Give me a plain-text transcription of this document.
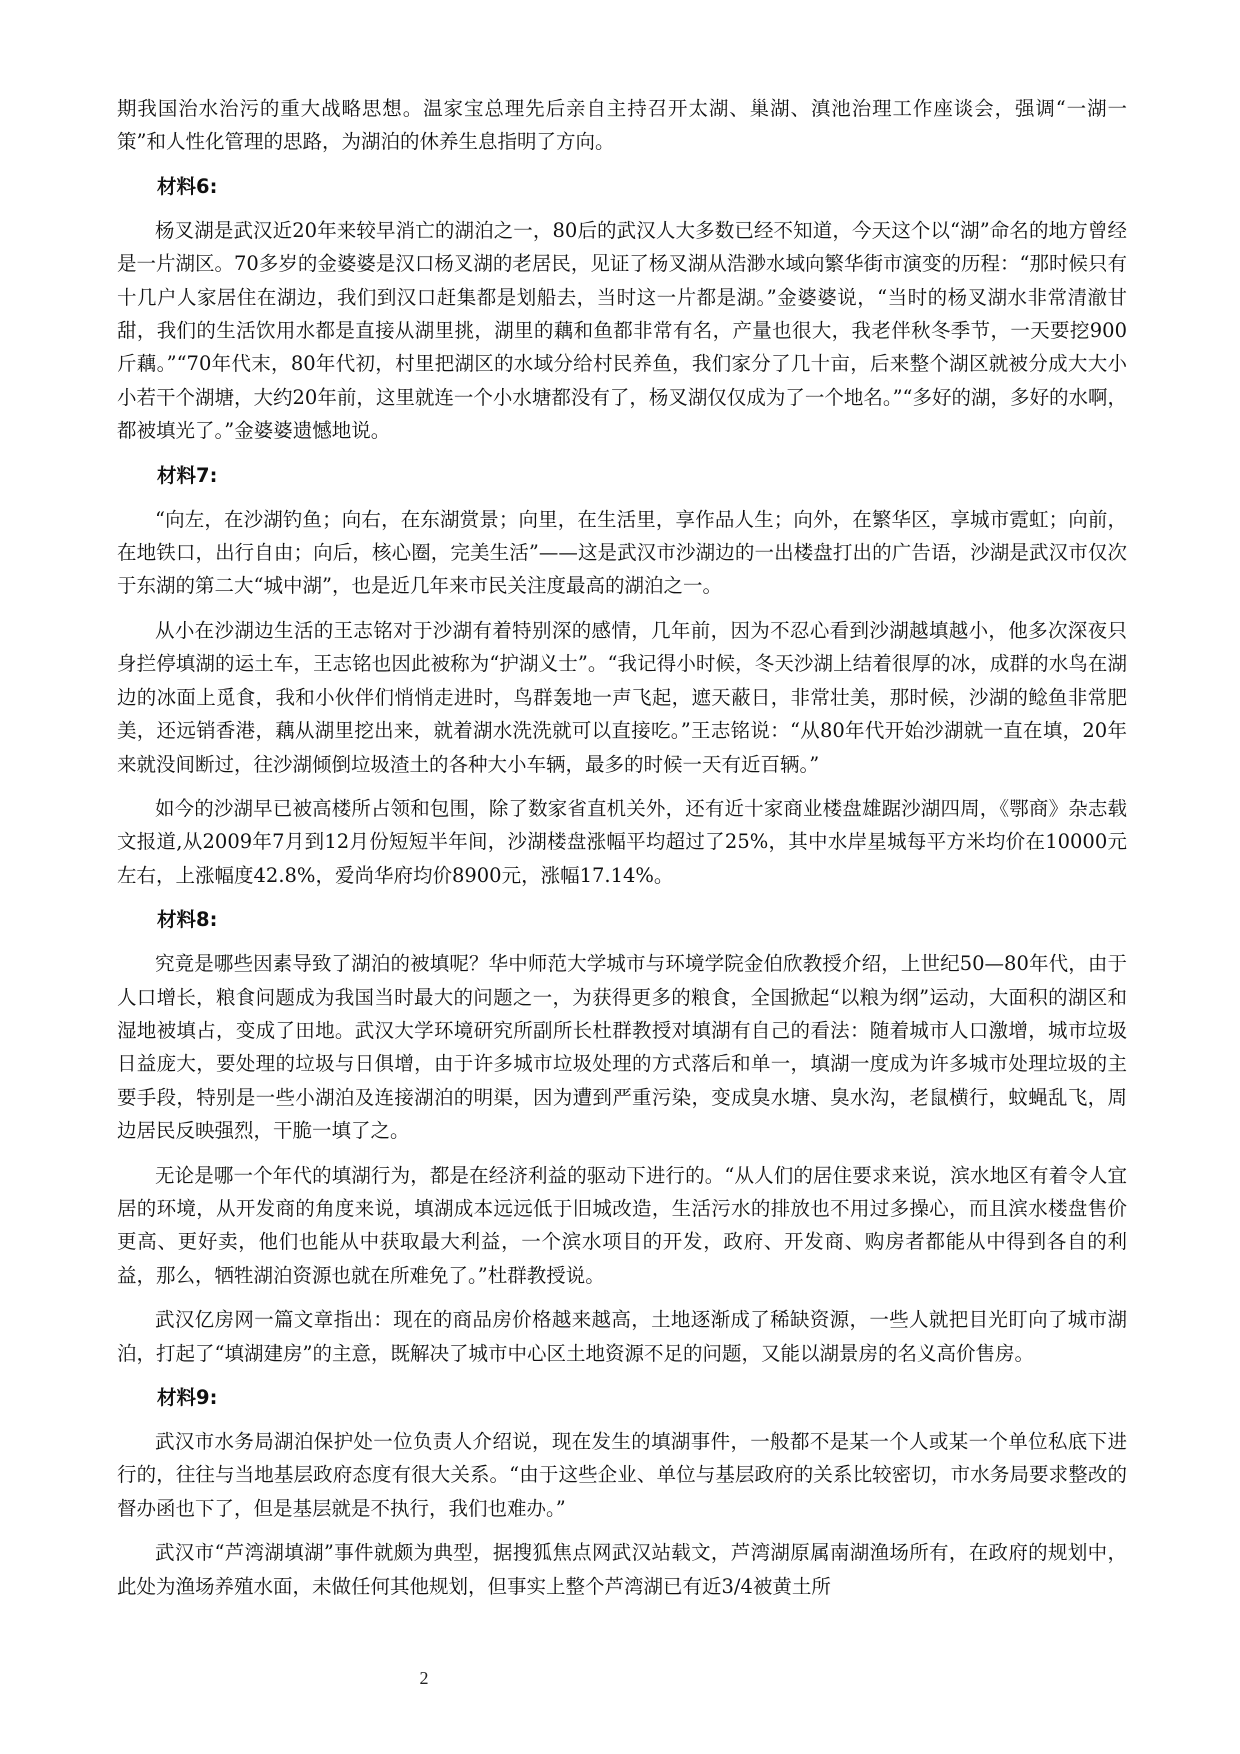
期我国治水治污的重大战略思想。温家宝总理先后亲自主持召开太湖、巢湖、滇池治理工作座谈会，强调“一湖一策”和人性化管理的思路，为湖泊的休养生息指明了方向。

材料6:

杨叉湖是武汉近20年来较早消亡的湖泊之一，80后的武汉人大多数已经不知道，今天这个以“湖”命名的地方曾经是一片湖区。70多岁的金婆婆是汉口杨叉湖的老居民，见证了杨叉湖从浩渺水域向繁华街市演变的历程：“那时候只有十几户人家居住在湖边，我们到汉口赶集都是划船去，当时这一片都是湖。”金婆婆说，“当时的杨叉湖水非常清澈甘甜，我们的生活饮用水都是直接从湖里挑，湖里的藕和鱼都非常有名，产量也很大，我老伴秋冬季节，一天要挖900斤藕。”“70年代末，80年代初，村里把湖区的水域分给村民养鱼，我们家分了几十亩，后来整个湖区就被分成大大小小若干个湖塘，大约20年前，这里就连一个小水塘都没有了，杨叉湖仅仅成为了一个地名。”“多好的湖，多好的水啊，都被填光了。”金婆婆遗憾地说。

材料7:

“向左，在沙湖钓鱼；向右，在东湖赏景；向里，在生活里，享作品人生；向外，在繁华区，享城市霓虹；向前，在地铁口，出行自由；向后，核心圈，完美生活”——这是武汉市沙湖边的一出楼盘打出的广告语，沙湖是武汉市仅次于东湖的第二大“城中湖”，也是近几年来市民关注度最高的湖泊之一。

从小在沙湖边生活的王志铭对于沙湖有着特别深的感情，几年前，因为不忍心看到沙湖越填越小，他多次深夜只身拦停填湖的运土车，王志铭也因此被称为“护湖义士”。“我记得小时候，冬天沙湖上结着很厚的冰，成群的水鸟在湖边的冰面上觅食，我和小伙伴们悄悄走进时，鸟群轰地一声飞起，遮天蔽日，非常壮美，那时候，沙湖的鲶鱼非常肥美，还远销香港，藕从湖里挖出来，就着湖水洗洗就可以直接吃。”王志铭说：“从80年代开始沙湖就一直在填，20年来就没间断过，往沙湖倾倒垃圾渣土的各种大小车辆，最多的时候一天有近百辆。”

如今的沙湖早已被高楼所占领和包围，除了数家省直机关外，还有近十家商业楼盘雄踞沙湖四周，《鄂商》杂志载文报道,从2009年7月到12月份短短半年间，沙湖楼盘涨幅平均超过了25%，其中水岸星城每平方米均价在10000元左右，上涨幅度42.8%，爱尚华府均价8900元，涨幅17.14%。

材料8:

究竟是哪些因素导致了湖泊的被填呢？华中师范大学城市与环境学院金伯欣教授介绍，上世纪50—80年代，由于人口增长，粮食问题成为我国当时最大的问题之一，为获得更多的粮食，全国掀起“以粮为纲”运动，大面积的湖区和湿地被填占，变成了田地。武汉大学环境研究所副所长杜群教授对填湖有自己的看法：随着城市人口激增，城市垃圾日益庞大，要处理的垃圾与日俱增，由于许多城市垃圾处理的方式落后和单一，填湖一度成为许多城市处理垃圾的主要手段，特别是一些小湖泊及连接湖泊的明渠，因为遭到严重污染，变成臭水塘、臭水沟，老鼠横行，蚊蝇乱飞，周边居民反映强烈，干脆一填了之。

无论是哪一个年代的填湖行为，都是在经济利益的驱动下进行的。“从人们的居住要求来说，滨水地区有着令人宜居的环境，从开发商的角度来说，填湖成本远远低于旧城改造，生活污水的排放也不用过多操心，而且滨水楼盘售价更高、更好卖，他们也能从中获取最大利益，一个滨水项目的开发，政府、开发商、购房者都能从中得到各自的利益，那么，牺牲湖泊资源也就在所难免了。”杜群教授说。

武汉亿房网一篇文章指出：现在的商品房价格越来越高，土地逐渐成了稀缺资源，一些人就把目光盯向了城市湖泊，打起了“填湖建房”的主意，既解决了城市中心区土地资源不足的问题，又能以湖景房的名义高价售房。

材料9:

武汉市水务局湖泊保护处一位负责人介绍说，现在发生的填湖事件，一般都不是某一个人或某一个单位私底下进行的，往往与当地基层政府态度有很大关系。“由于这些企业、单位与基层政府的关系比较密切，市水务局要求整改的督办函也下了，但是基层就是不执行，我们也难办。”

武汉市“芦湾湖填湖”事件就颇为典型，据搜狐焦点网武汉站载文，芦湾湖原属南湖渔场所有，在政府的规划中，此处为渔场养殖水面，未做任何其他规划，但事实上整个芦湾湖已有近3/4被黄土所

2
